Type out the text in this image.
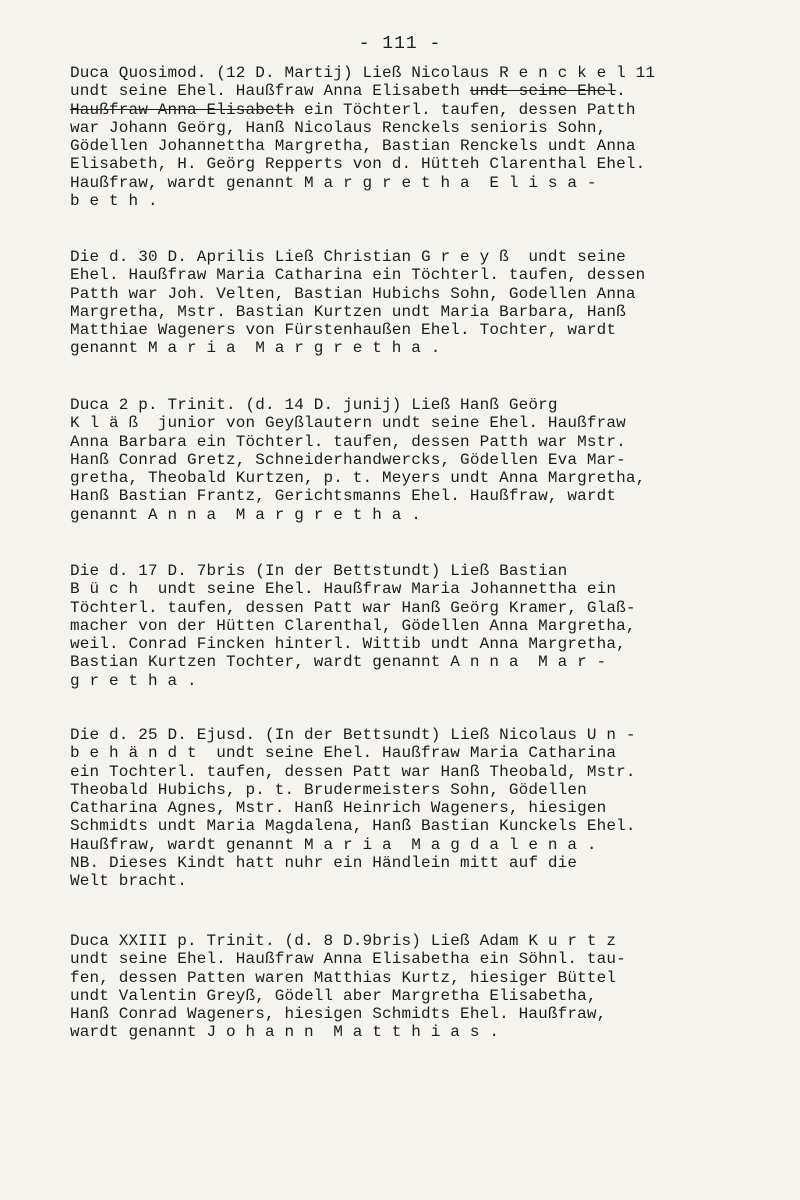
- 111 -
Duca Quosimod. (12 D. Martij) Ließ Nicolaus R e n c k e l 11
undt seine Ehel. Haußfraw Anna Elisabeth undt seine Ehel.
Haußfraw Anna Elisabeth ein Töchterl. taufen, dessen Patth
war Johann Geörg, Hanß Nicolaus Renckels senioris Sohn,
Gödellen Johannettha Margretha, Bastian Renckels undt Anna
Elisabeth, H. Geörg Repperts von d. Hütteh Clarenthal Ehel.
Haußfraw, wardt genannt M a r g r e t h a  E l i s a -
b e t h .
Die d. 30 D. Aprilis Ließ Christian G r e y ß  undt seine
Ehel. Haußfraw Maria Catharina ein Töchterl. taufen, dessen
Patth war Joh. Velten, Bastian Hubichs Sohn, Godellen Anna
Margretha, Mstr. Bastian Kurtzen undt Maria Barbara, Hanß
Matthiae Wageners von Fürstenhaußen Ehel. Tochter, wardt
genannt M a r i a  M a r g r e t h a .
Duca 2 p. Trinit. (d. 14 D. junij) Ließ Hanß Geörg
K l ä ß  junior von Geyßlautern undt seine Ehel. Haußfraw
Anna Barbara ein Töchterl. taufen, dessen Patth war Mstr.
Hanß Conrad Gretz, Schneiderhandwercks, Gödellen Eva Mar-
gretha, Theobald Kurtzen, p. t. Meyers undt Anna Margretha,
Hanß Bastian Frantz, Gerichtsmanns Ehel. Haußfraw, wardt
genannt A n n a  M a r g r e t h a .
Die d. 17 D. 7bris (In der Bettstundt) Ließ Bastian
B ü c h  undt seine Ehel. Haußfraw Maria Johannettha ein
Töchterl. taufen, dessen Patt war Hanß Geörg Kramer, Glaß-
macher von der Hütten Clarenthal, Gödellen Anna Margretha,
weil. Conrad Fincken hinterl. Wittib undt Anna Margretha,
Bastian Kurtzen Tochter, wardt genannt A n n a  M a r -
g r e t h a .
Die d. 25 D. Ejusd. (In der Bettsundt) Ließ Nicolaus U n -
b e h ä n d t  undt seine Ehel. Haußfraw Maria Catharina
ein Tochterl. taufen, dessen Patt war Hanß Theobald, Mstr.
Theobald Hubichs, p. t. Brudermeisters Sohn, Gödellen
Catharina Agnes, Mstr. Hanß Heinrich Wageners, hiesigen
Schmidts undt Maria Magdalena, Hanß Bastian Kunckels Ehel.
Haußfraw, wardt genannt M a r i a  M a g d a l e n a .
NB. Dieses Kindt hatt nuhr ein Händlein mitt auf die
Welt bracht.
Duca XXIII p. Trinit. (d. 8 D.9bris) Ließ Adam K u r t z
undt seine Ehel. Haußfraw Anna Elisabetha ein Söhnl. tau-
fen, dessen Patten waren Matthias Kurtz, hiesiger Büttel
undt Valentin Greyß, Gödell aber Margretha Elisabetha,
Hanß Conrad Wageners, hiesigen Schmidts Ehel. Haußfraw,
wardt genannt J o h a n n  M a t t h i a s .
